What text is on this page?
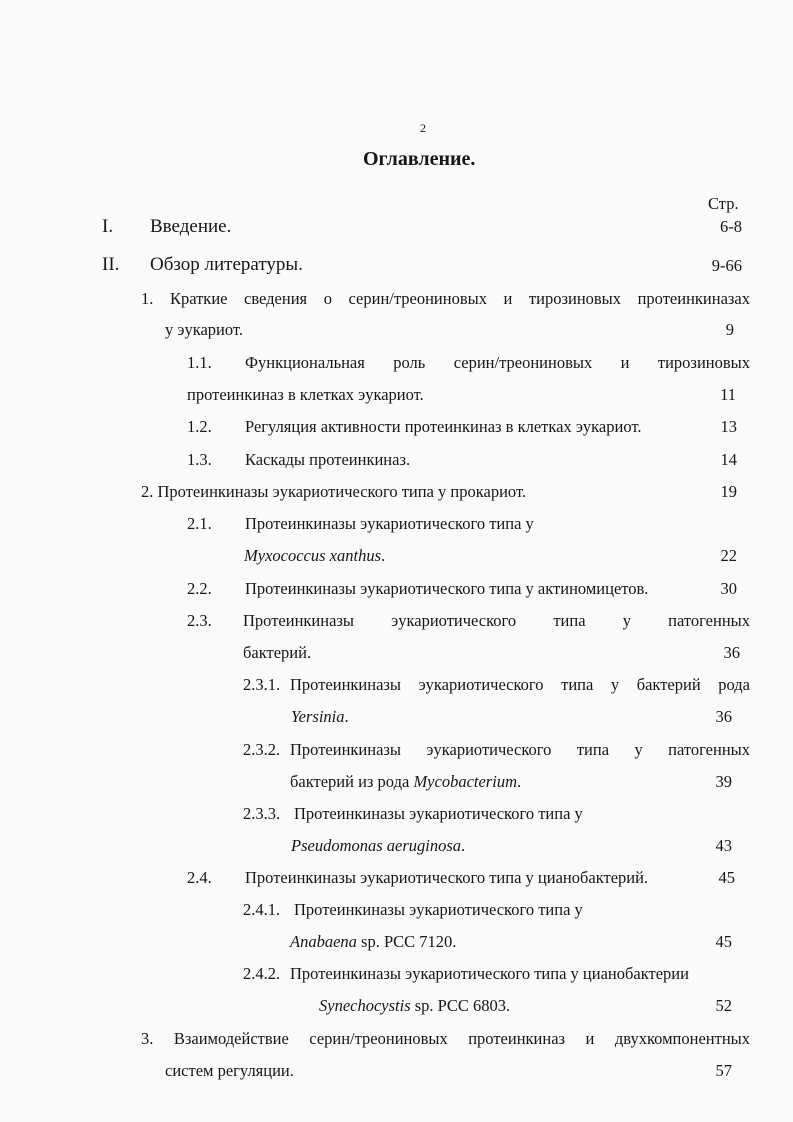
2
Оглавление.
Стр.
I. Введение.	6-8
II. Обзор литературы.	9-66
1. Краткие сведения о серин/треониновых и тирозиновых протеинкиназах
у эукариот.	9
1.1. Функциональная роль серин/треониновых и тирозиновых
протеинкиназ в клетках эукариот.	11
1.2. Регуляция активности протеинкиназ в клетках эукариот.	13
1.3. Каскады протеинкиназ.	14
2. Протеинкиназы эукариотического типа у прокариот.	19
2.1. Протеинкиназы эукариотического типа у
Myxococcus xanthus.	22
2.2. Протеинкиназы эукариотического типа у актиномицетов.	30
2.3. Протеинкиназы эукариотического типа у патогенных
бактерий.	36
2.3.1. Протеинкиназы эукариотического типа у бактерий рода
Yersinia.	36
2.3.2. Протеинкиназы эукариотического типа у патогенных
бактерий из рода Mycobacterium.	39
2.3.3. Протеинкиназы эукариотического типа у
Pseudomonas aeruginosa.	43
2.4. Протеинкиназы эукариотического типа у цианобактерий.	45
2.4.1. Протеинкиназы эукариотического типа у
Anabaena sp. PCC 7120.	45
2.4.2. Протеинкиназы эукариотического типа у цианобактерии
Synechocystis sp. PCC 6803.	52
3. Взаимодействие серин/треониновых протеинкиназ и двухкомпонентных
систем регуляции.	57
